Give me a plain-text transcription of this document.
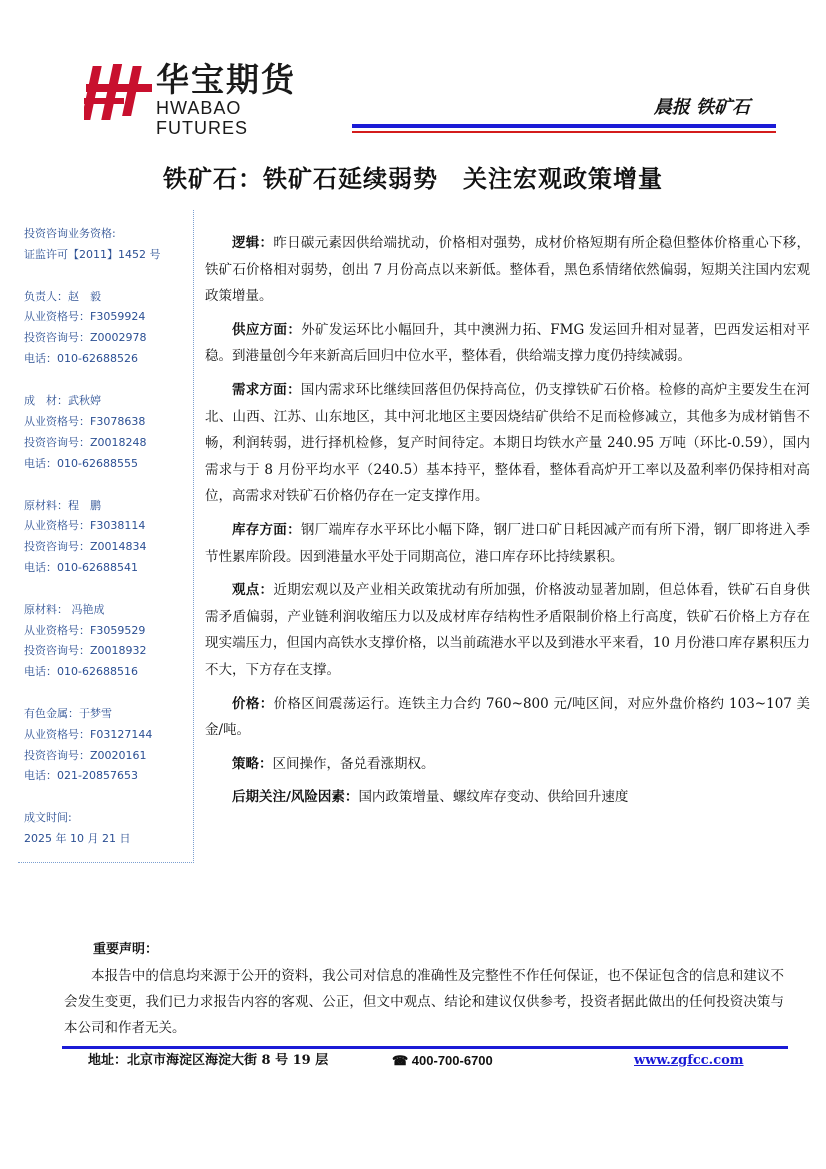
华宝期货
HWABAO FUTURES
晨报 铁矿石
铁矿石：铁矿石延续弱势　关注宏观政策增量
投资咨询业务资格:
证监许可【2011】1452 号
负责人：赵　毅
从业资格号：F3059924
投资咨询号：Z0002978
电话：010-62688526
成　材：武秋婷
从业资格号：F3078638
投资咨询号：Z0018248
电话：010-62688555
原材料：程　鹏
从业资格号：F3038114
投资咨询号：Z0014834
电话：010-62688541
原材料： 冯艳成
从业资格号：F3059529
投资咨询号：Z0018932
电话：010-62688516
有色金属：于梦雪
从业资格号：F03127144
投资咨询号：Z0020161
电话：021-20857653
成文时间:
2025 年 10 月 21 日

逻辑：昨日碳元素因供给端扰动，价格相对强势，成材价格短期有所企稳但整体价格重心下移，铁矿石价格相对弱势，创出 7 月份高点以来新低。整体看，黑色系情绪依然偏弱，短期关注国内宏观政策增量。

供应方面：外矿发运环比小幅回升，其中澳洲力拓、FMG 发运回升相对显著，巴西发运相对平稳。到港量创今年来新高后回归中位水平，整体看，供给端支撑力度仍持续减弱。

需求方面：国内需求环比继续回落但仍保持高位，仍支撑铁矿石价格。检修的高炉主要发生在河北、山西、江苏、山东地区，其中河北地区主要因烧结矿供给不足而检修减立，其他多为成材销售不畅，利润转弱，进行择机检修，复产时间待定。本期日均铁水产量 240.95 万吨（环比-0.59），国内需求与于 8 月份平均水平（240.5）基本持平，整体看，整体看高炉开工率以及盈利率仍保持相对高位，高需求对铁矿石价格仍存在一定支撑作用。

库存方面：钢厂端库存水平环比小幅下降，钢厂进口矿日耗因减产而有所下滑，钢厂即将进入季节性累库阶段。因到港量水平处于同期高位，港口库存环比持续累积。

观点：近期宏观以及产业相关政策扰动有所加强，价格波动显著加剧，但总体看，铁矿石自身供需矛盾偏弱，产业链利润收缩压力以及成材库存结构性矛盾限制价格上行高度，铁矿石价格上方存在现实端压力，但国内高铁水支撑价格，以当前疏港水平以及到港水平来看，10 月份港口库存累积压力不大，下方存在支撑。

价格：价格区间震荡运行。连铁主力合约 760~800 元/吨区间，对应外盘价格约 103~107 美金/吨。

策略：区间操作，备兑看涨期权。

后期关注/风险因素：国内政策增量、螺纹库存变动、供给回升速度

重要声明：
本报告中的信息均来源于公开的资料，我公司对信息的准确性及完整性不作任何保证，也不保证包含的信息和建议不会发生变更，我们已力求报告内容的客观、公正，但文中观点、结论和建议仅供参考，投资者据此做出的任何投资决策与本公司和作者无关。
地址：北京市海淀区海淀大街 8 号 19 层	☎ 400-700-6700	www.zgfcc.com
